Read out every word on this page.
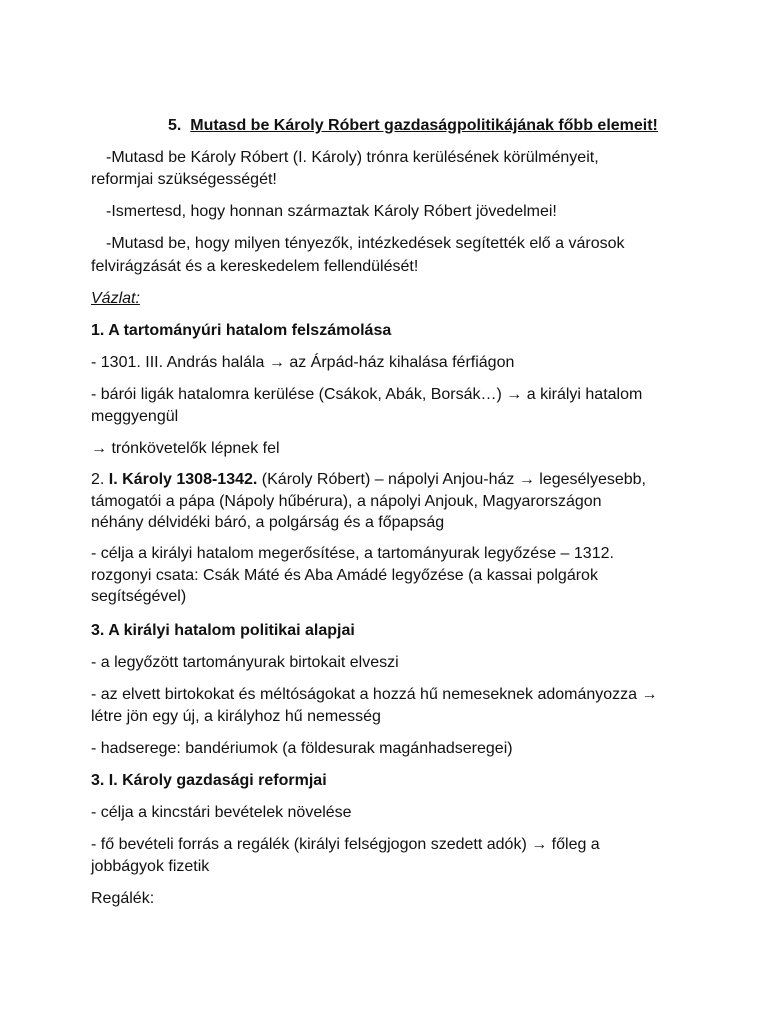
5. Mutasd be Károly Róbert gazdaságpolitikájának főbb elemeit!
-Mutasd be Károly Róbert (I. Károly) trónra kerülésének körülményeit,
reformjai szükségességét!
-Ismertesd, hogy honnan származtak Károly Róbert jövedelmei!
-Mutasd be, hogy milyen tényezők, intézkedések segítették elő a városok
felvirágzását és a kereskedelem fellendülését!
Vázlat:
1. A tartományúri hatalom felszámolása
- 1301. III. András halála → az Árpád-ház kihalása férfiágon
- bárói ligák hatalomra kerülése (Csákok, Abák, Borsák…) → a királyi hatalom
meggyengül
→ trónkövetelők lépnek fel
2. I. Károly 1308-1342. (Károly Róbert) – nápolyi Anjou-ház → legesélyesebb,
támogatói a pápa (Nápoly hűbérura), a nápolyi Anjouk, Magyarországon
néhány délvidéki báró, a polgárság és a főpapság
- célja a királyi hatalom megerősítése, a tartományurak legyőzése – 1312.
rozgonyi csata: Csák Máté és Aba Amádé legyőzése (a kassai polgárok
segítségével)
3. A királyi hatalom politikai alapjai
- a legyőzött tartományurak birtokait elveszi
- az elvett birtokokat és méltóságokat a hozzá hű nemeseknek adományozza →
létre jön egy új, a királyhoz hű nemesség
- hadserege: bandériumok (a földesurak magánhadseregei)
3. I. Károly gazdasági reformjai
- célja a kincstári bevételek növelése
- fő bevételi forrás a regálék (királyi felségjogon szedett adók) → főleg a
jobbágyok fizetik
Regálék:
